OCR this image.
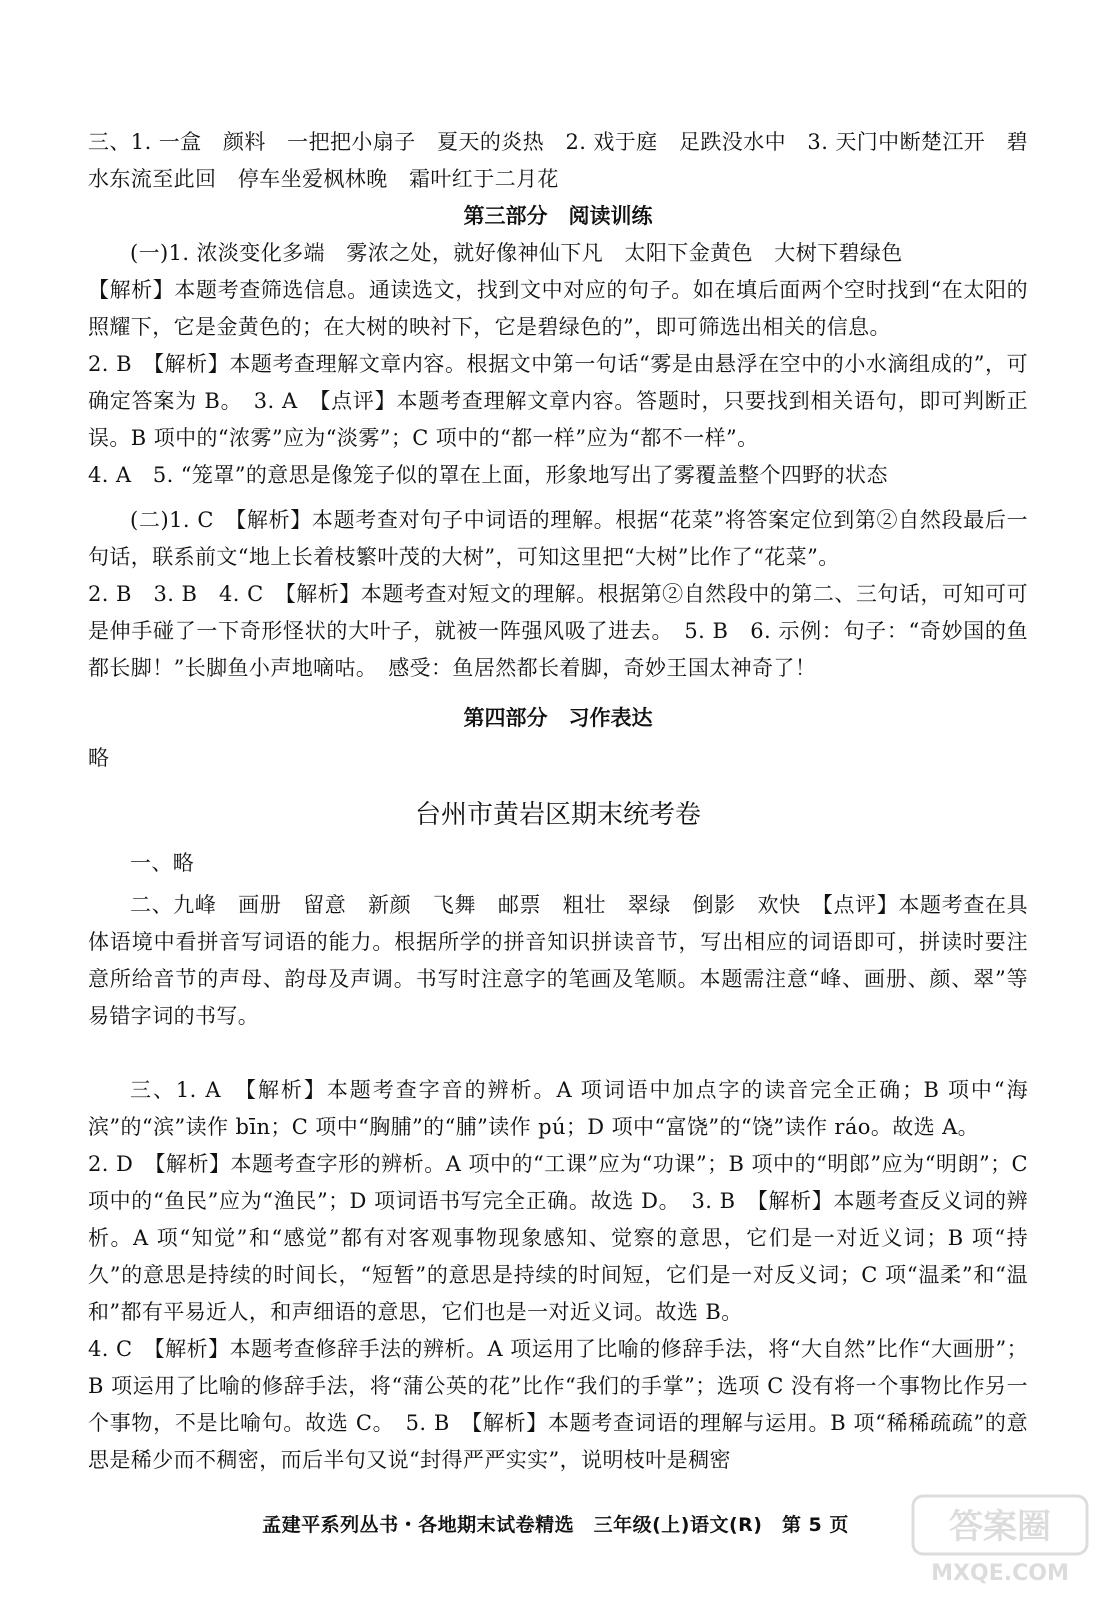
三、1. 一盒　颜料　一把把小扇子　夏天的炎热　2. 戏于庭　足跌没水中　3. 天门中断楚江开　碧水东流至此回　停车坐爱枫林晚　霜叶红于二月花

第三部分　阅读训练

(一)1. 浓淡变化多端　雾浓之处，就好像神仙下凡　太阳下金黄色　大树下碧绿色

【解析】本题考查筛选信息。通读选文，找到文中对应的句子。如在填后面两个空时找到“在太阳的照耀下，它是金黄色的；在大树的映衬下，它是碧绿色的”，即可筛选出相关的信息。

2. B　【解析】本题考查理解文章内容。根据文中第一句话“雾是由悬浮在空中的小水滴组成的”，可确定答案为 B。　3. A　【点评】本题考查理解文章内容。答题时，只要找到相关语句，即可判断正误。B 项中的“浓雾”应为“淡雾”；C 项中的“都一样”应为“都不一样”。

4. A　5. “笼罩”的意思是像笼子似的罩在上面，形象地写出了雾覆盖整个四野的状态

(二)1. C　【解析】本题考查对句子中词语的理解。根据“花菜”将答案定位到第②自然段最后一句话，联系前文“地上长着枝繁叶茂的大树”，可知这里把“大树”比作了“花菜”。

2. B　3. B　4. C　【解析】本题考查对短文的理解。根据第②自然段中的第二、三句话，可知可可是伸手碰了一下奇形怪状的大叶子，就被一阵强风吸了进去。　5. B　6. 示例：句子：“奇妙国的鱼都长脚！”长脚鱼小声地嘀咕。　感受：鱼居然都长着脚，奇妙王国太神奇了！

第四部分　习作表达

略

台州市黄岩区期末统考卷

一、略

二、九峰　画册　留意　新颜　飞舞　邮票　粗壮　翠绿　倒影　欢快　【点评】本题考查在具体语境中看拼音写词语的能力。根据所学的拼音知识拼读音节，写出相应的词语即可，拼读时要注意所给音节的声母、韵母及声调。书写时注意字的笔画及笔顺。本题需注意“峰、画册、颜、翠”等易错字词的书写。

三、1. A　【解析】本题考查字音的辨析。A 项词语中加点字的读音完全正确；B 项中“海滨”的“滨”读作 bīn；C 项中“胸脯”的“脯”读作 pú；D 项中“富饶”的“饶”读作 ráo。故选 A。

2. D　【解析】本题考查字形的辨析。A 项中的“工课”应为“功课”；B 项中的“明郎”应为“明朗”；C 项中的“鱼民”应为“渔民”；D 项词语书写完全正确。故选 D。　3. B　【解析】本题考查反义词的辨析。A 项“知觉”和“感觉”都有对客观事物现象感知、觉察的意思，它们是一对近义词；B 项“持久”的意思是持续的时间长，“短暂”的意思是持续的时间短，它们是一对反义词；C 项“温柔”和“温和”都有平易近人，和声细语的意思，它们也是一对近义词。故选 B。

4. C　【解析】本题考查修辞手法的辨析。A 项运用了比喻的修辞手法，将“大自然”比作“大画册”；B 项运用了比喻的修辞手法，将“蒲公英的花”比作“我们的手掌”；选项 C 没有将一个事物比作另一个事物，不是比喻句。故选 C。　5. B　【解析】本题考查词语的理解与运用。B 项“稀稀疏疏”的意思是稀少而不稠密，而后半句又说“封得严严实实”，说明枝叶是稠密

孟建平系列丛书・各地期末试卷精选　三年级(上)语文(R)　第 5 页	答案圈
MXQE.COM
